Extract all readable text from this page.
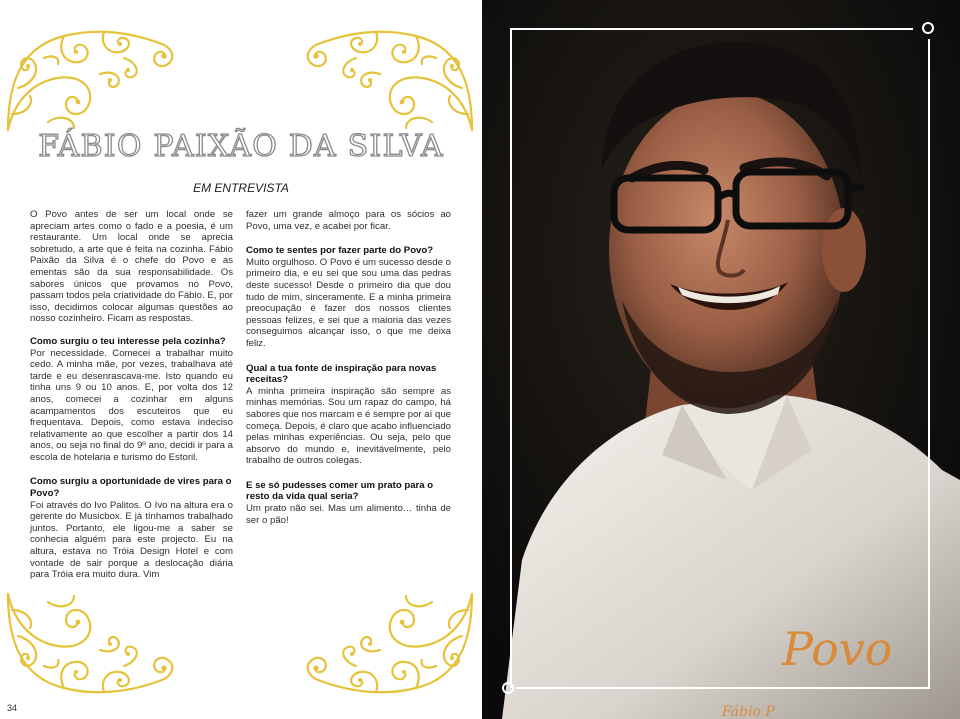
FÁBIO PAIXÃO DA SILVA
EM ENTREVISTA

O Povo antes de ser um local onde se apreciam artes como o fado e a poesia, é um restaurante. Um local onde se aprecia sobretudo, a arte que é feita na cozinha. Fábio Paixão da Silva é o chefe do Povo e as ementas são da sua responsabilidade. Os sabores únicos que provamos no Povo, passam todos pela criatividade do Fábio. E, por isso, decidimos colocar algumas questões ao nosso cozinheiro. Ficam as respostas.

Como surgiu o teu interesse pela cozinha?

Por necessidade. Comecei a trabalhar muito cedo. A minha mãe, por vezes, trabalhava até tarde e eu desenrascava-me. Isto quando eu tinha uns 9 ou 10 anos. E, por volta dos 12 anos, comecei a cozinhar em alguns acampamentos dos escuteiros que eu frequentava. Depois, como estava indeciso relativamente ao que escolher a partir dos 14 anos, ou seja no final do 9º ano, decidi ir para a escola de hotelaria e turismo do Estoril.

Como surgiu a oportunidade de vires para o Povo?

Foi através do Ivo Palitos. O Ivo na altura era o gerente do Musicbox. E já tínhamos trabalhado juntos. Portanto, ele ligou-me a saber se conhecia alguém para este projecto. Eu na altura, estava no Tróia Design Hotel e com vontade de sair porque a deslocação diária para Tróia era muito dura. Vim

fazer um grande almoço para os sócios ao Povo, uma vez, e acabei por ficar.

Como te sentes por fazer parte do Povo?

Muito orgulhoso. O Povo é um sucesso desde o primeiro dia, e eu sei que sou uma das pedras deste sucesso! Desde o primeiro dia que dou tudo de mim, sinceramente. E a minha primeira preocupação é fazer dos nossos clientes pessoas felizes, e sei que a maioria das vezes conseguimos alcançar isso, o que me deixa feliz.

Qual a tua fonte de inspiração para novas receitas?

A minha primeira inspiração são sempre as minhas memórias. Sou um rapaz do campo, há sabores que nos marcam e é sempre por aí que começa. Depois, é claro que acabo influenciado pelas minhas experiências. Ou seja, pelo que absorvo do mundo e, inevitávelmente, pelo trabalho de outros colegas.

E se só pudesses comer um prato para o resto da vida qual seria?

Um prato não sei. Mas um alimento… tinha de ser o pão!

34
Povo
Fábio P
